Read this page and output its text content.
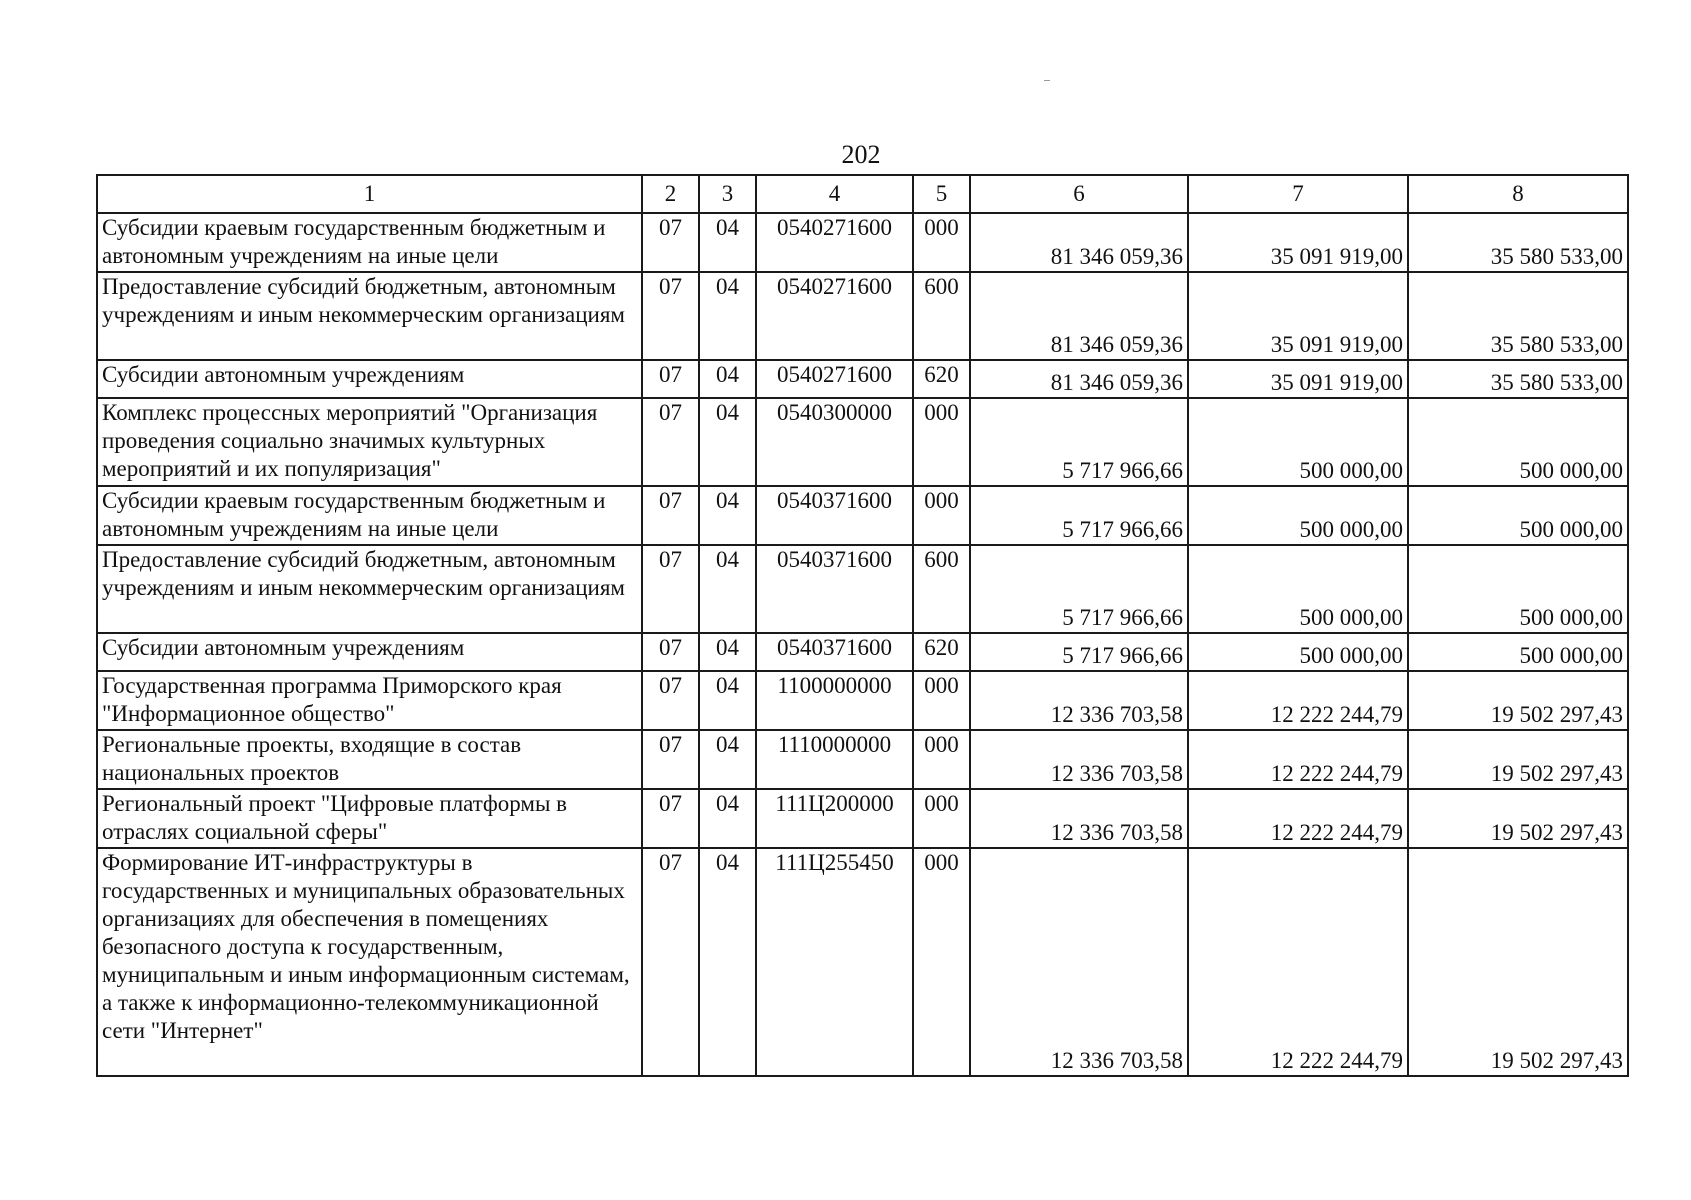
202
1	2	3	4	5	6	7	8
Субсидии краевым государственным бюджетным и автономным учреждениям на иные цели	07	04	0540271600	000	81 346 059,36	35 091 919,00	35 580 533,00
Предоставление субсидий бюджетным, автономным учреждениям и иным некоммерческим организациям	07	04	0540271600	600	81 346 059,36	35 091 919,00	35 580 533,00
Субсидии автономным учреждениям	07	04	0540271600	620	81 346 059,36	35 091 919,00	35 580 533,00
Комплекс процессных мероприятий "Организация проведения социально значимых культурных мероприятий и их популяризация"	07	04	0540300000	000	5 717 966,66	500 000,00	500 000,00
Субсидии краевым государственным бюджетным и автономным учреждениям на иные цели	07	04	0540371600	000	5 717 966,66	500 000,00	500 000,00
Предоставление субсидий бюджетным, автономным учреждениям и иным некоммерческим организациям	07	04	0540371600	600	5 717 966,66	500 000,00	500 000,00
Субсидии автономным учреждениям	07	04	0540371600	620	5 717 966,66	500 000,00	500 000,00
Государственная программа Приморского края "Информационное общество"	07	04	1100000000	000	12 336 703,58	12 222 244,79	19 502 297,43
Региональные проекты, входящие в состав национальных проектов	07	04	1110000000	000	12 336 703,58	12 222 244,79	19 502 297,43
Региональный проект "Цифровые платформы в отраслях социальной сферы"	07	04	111Ц200000	000	12 336 703,58	12 222 244,79	19 502 297,43
Формирование ИТ-инфраструктуры в государственных и муниципальных образовательных организациях для обеспечения в помещениях безопасного доступа к государственным, муниципальным и иным информационным системам, а также к информационно-телекоммуникационной сети "Интернет"	07	04	111Ц255450	000	12 336 703,58	12 222 244,79	19 502 297,43
